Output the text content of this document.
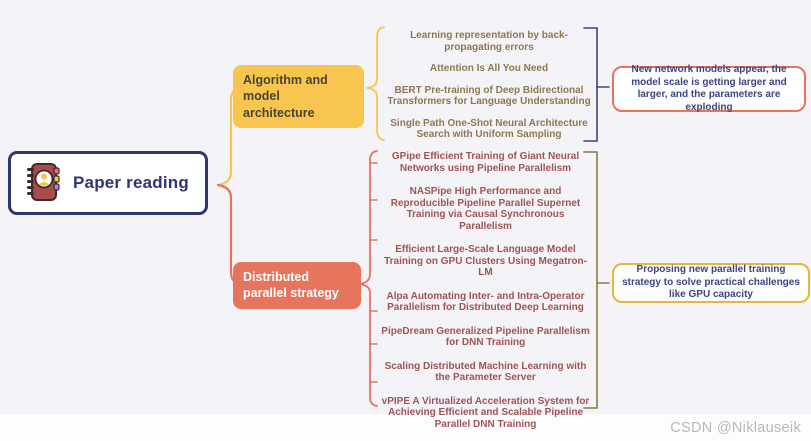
Paper reading
Algorithm and model architecture
Distributed parallel strategy
Learning representation by back-propagating errors
Attention Is All You Need
BERT Pre-training of Deep Bidirectional Transformers for Language Understanding
Single Path One-Shot Neural Architecture Search with Uniform Sampling
GPipe Efficient Training of Giant Neural Networks using Pipeline Parallelism
NASPipe High Performance and Reproducible Pipeline Parallel Supernet Training via Causal Synchronous Parallelism
Efficient Large-Scale Language Model Training on GPU Clusters Using Megatron-LM
Alpa Automating Inter- and Intra-Operator Parallelism for Distributed Deep Learning
PipeDream Generalized Pipeline Parallelism for DNN Training
Scaling Distributed Machine Learning with the Parameter Server
vPIPE A Virtualized Acceleration System for Achieving Efficient and Scalable Pipeline Parallel DNN Training
New network models appear, the model scale is getting larger and larger, and the parameters are exploding
Proposing new parallel training strategy to solve practical challenges like GPU capacity
CSDN @Niklauseik
